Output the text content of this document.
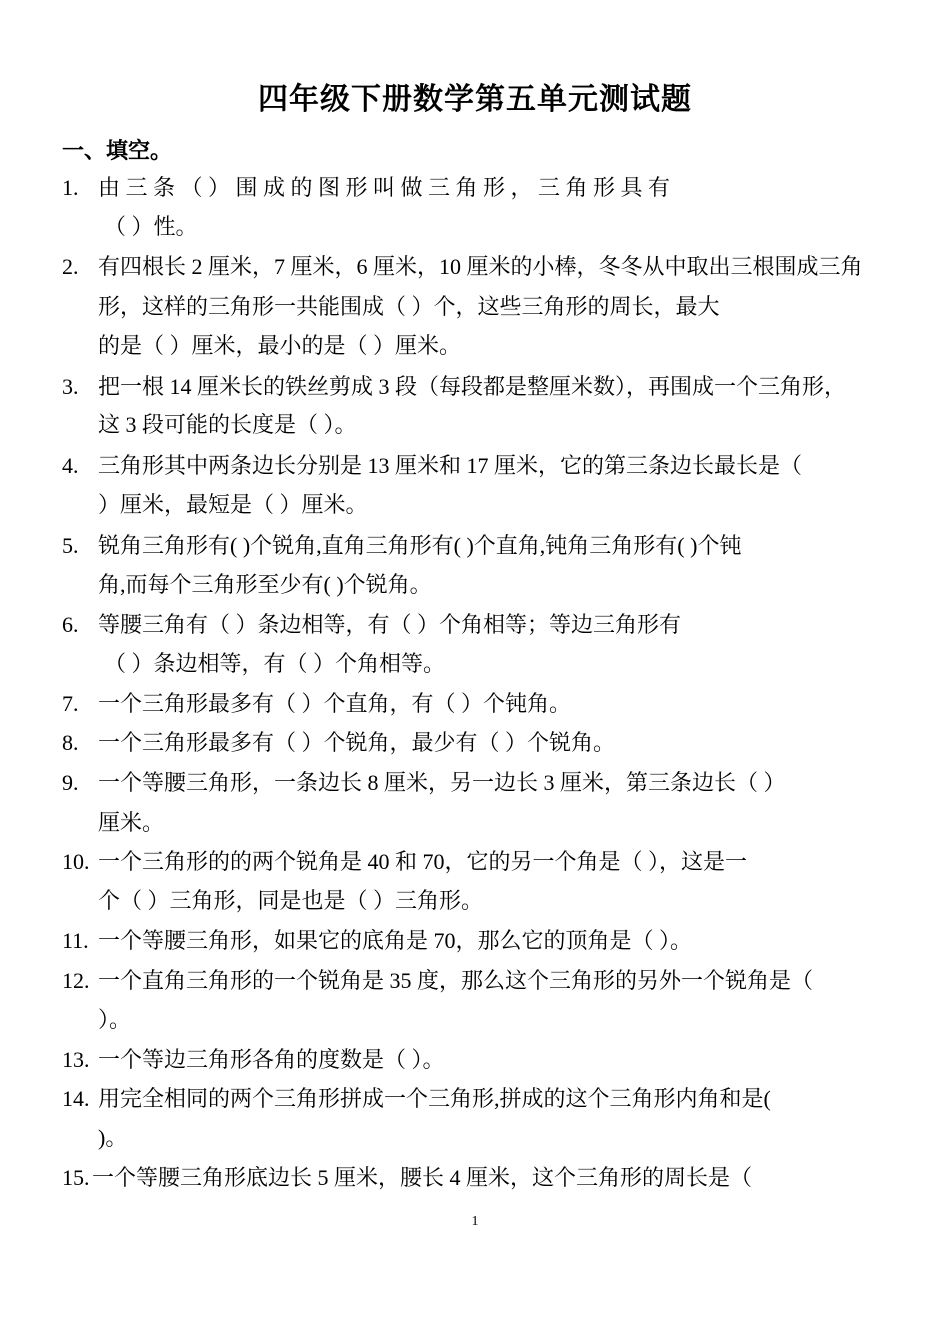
四年级下册数学第五单元测试题
一、填空。
1. 由 三 条 （ ） 围 成 的 图 形 叫 做 三 角 形 ， 三 角 形 具 有
（ ）性。
2. 有四根长 2 厘米，7 厘米，6 厘米，10 厘米的小棒，冬冬从中取出三根围成三角
形，这样的三角形一共能围成（ ）个，这些三角形的周长，最大
的是（ ）厘米，最小的是（ ）厘米。
3. 把一根 14 厘米长的铁丝剪成 3 段（每段都是整厘米数），再围成一个三角形，
这 3 段可能的长度是（ ）。
4. 三角形其中两条边长分别是 13 厘米和 17 厘米，它的第三条边长最长是（
）厘米，最短是（ ）厘米。
5. 锐角三角形有( )个锐角,直角三角形有( )个直角,钝角三角形有( )个钝
角,而每个三角形至少有( )个锐角。
6. 等腰三角有（ ）条边相等，有（ ）个角相等；等边三角形有
（ ）条边相等，有（ ）个角相等。
7. 一个三角形最多有（ ）个直角，有（ ）个钝角。
8. 一个三角形最多有（ ）个锐角，最少有（ ）个锐角。
9. 一个等腰三角形，一条边长 8 厘米，另一边长 3 厘米，第三条边长（ ）
厘米。
10. 一个三角形的的两个锐角是 40 和 70，它的另一个角是（ ），这是一
个（ ）三角形，同是也是（ ）三角形。
11. 一个等腰三角形，如果它的底角是 70，那么它的顶角是（ ）。
12. 一个直角三角形的一个锐角是 35 度，那么这个三角形的另外一个锐角是（
）。
13. 一个等边三角形各角的度数是（ ）。
14. 用完全相同的两个三角形拼成一个三角形,拼成的这个三角形内角和是(
)。
15. 一个等腰三角形底边长 5 厘米，腰长 4 厘米，这个三角形的周长是（
1
